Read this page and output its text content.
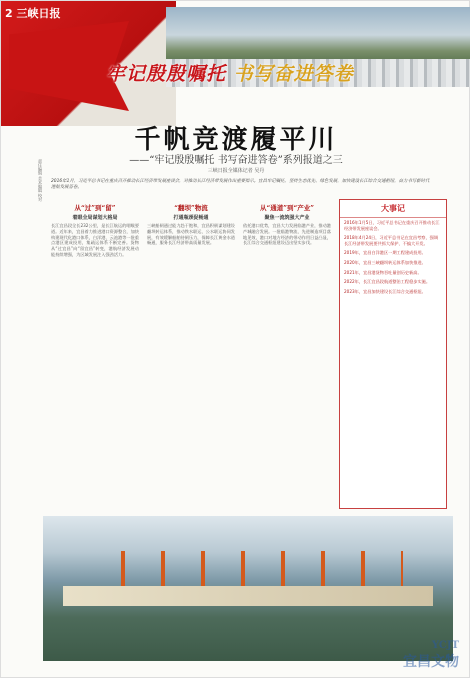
2 三峡日报
牢记殷殷嘱托 书写奋进答卷
千帆竞渡履平川
——“牢记殷殷嘱托 书写奋进答卷”系列报道之三
三峡日报全媒体记者 吴丹
责任编辑 美术编辑 校对 2016年1月，习近平总书记在重庆召开推动长江经济带发展座谈会，对推动长江经济带发展作出重要指示。宜昌牢记嘱托，坚持生态优先、绿色发展，加快建设长江综合交通枢纽，奋力书写新时代港航发展答卷。
从“过”到“留”
着眼全局谋划大格局

长江宜昌段全长232公里，是长江航运的咽喉要道。近年来，宜昌着力推进港口资源整合，加快构建现代化港口体系，白洋港、云池港等一批重点港区建成投用，集疏运体系不断完善。货物从“过宜昌”向“留宜昌”转变，港航经济发展动能持续增强，为区域发展注入强劲活力。

“翻坝”物流
打通瓶颈促畅通

三峡船闸通过能力趋于饱和，宜昌积极谋划建设翻坝转运体系，推动铁水联运、公水联运协同发展，有效缓解船舶待闸压力，保障长江黄金水道畅通，服务长江经济带高质量发展。

从“通道”到“产业”
聚焦一流筑强大产业

依托港口优势，宜昌大力发展临港产业，推动港产城融合发展。一批临港物流、先进制造项目落地见效，港口对地方经济的带动作用日益凸显，长江综合交通枢纽建设迈出坚实步伐。

大事记
2016年1月5日，习近平总书记在重庆召开推动长江经济带发展座谈会。
2018年4月24日，习近平总书记在宜昌考察，强调长江经济带发展要共抓大保护、不搞大开发。
2019年，宜昌白洋港区一期工程建成投用。
2020年，宜昌三峡翻坝转运体系加快推进。
2021年，宜昌港货物吞吐量创历史新高。
2022年，长江宜昌段航道整治工程稳步实施。
2023年，宜昌加快建设长江综合交通枢纽。
YCJT
宜昌文物
